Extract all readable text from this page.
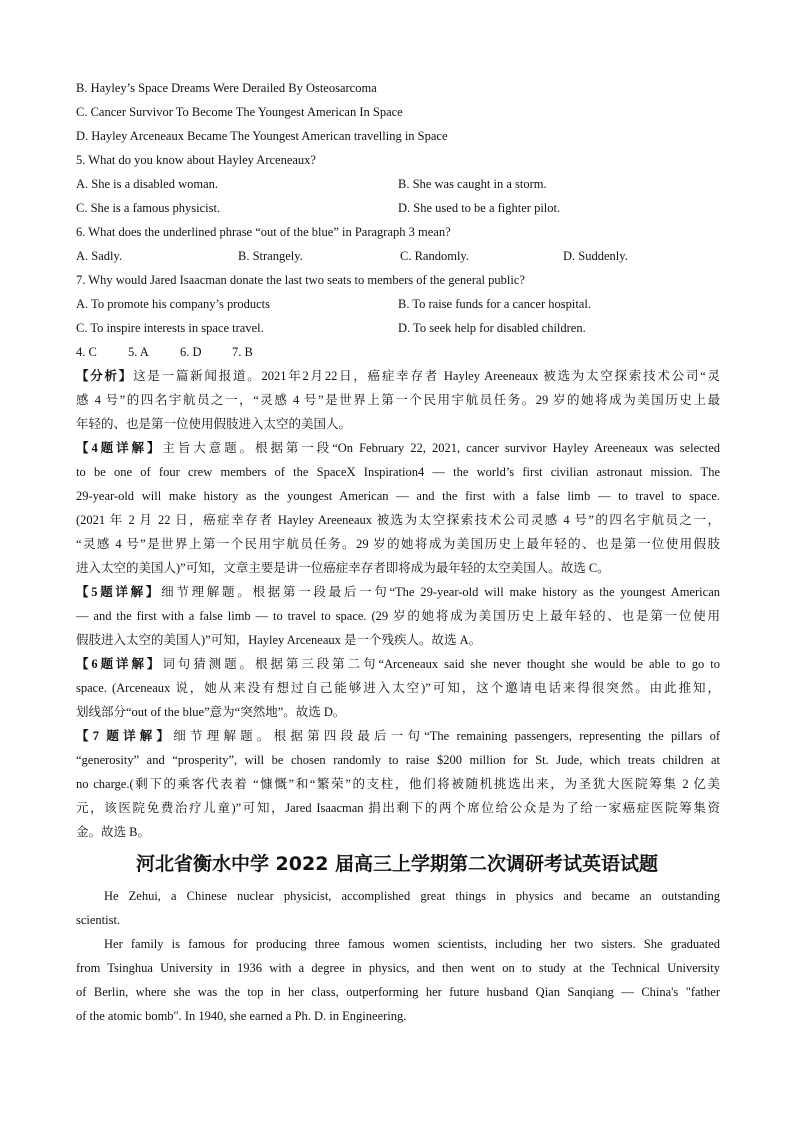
B. Hayley’s Space Dreams Were Derailed By Osteosarcoma
C. Cancer Survivor To Become The Youngest American In Space
D. Hayley Arceneaux Became The Youngest American travelling in Space
5. What do you know about Hayley Arceneaux?
A. She is a disabled woman.	B. She was caught in a storm.
C. She is a famous physicist.	D. She used to be a fighter pilot.
6. What does the underlined phrase “out of the blue” in Paragraph 3 mean?
A. Sadly.	B. Strangely.	C. Randomly.	D. Suddenly.
7. Why would Jared Isaacman donate the last two seats to members of the general public?
A. To promote his company’s products	B. To raise funds for a cancer hospital.
C. To inspire interests in space travel.	D. To seek help for disabled children.
4. C 5. A 6. D 7. B
【分析】这是一篇新闻报道。2021年2月22日，癌症幸存者 Hayley Areeneaux 被选为太空探索技术公司“灵
感 4 号”的四名宇航员之一，“灵感 4 号”是世界上第一个民用宇航员任务。29 岁的她将成为美国历史上最
年轻的、也是第一位使用假肢进入太空的美国人。
【4题详解】主旨大意题。根据第一段“On February 22, 2021, cancer survivor Hayley Areeneaux was selected
to be one of four crew members of the SpaceX Inspiration4 — the world’s first civilian astronaut mission. The
29-year-old will make history as the youngest American — and the first with a false limb — to travel to space.
(2021 年 2 月 22 日，癌症幸存者 Hayley Areeneaux 被选为太空探索技术公司灵感 4 号”的四名宇航员之一，
“灵感 4 号”是世界上第一个民用宇航员任务。29 岁的她将成为美国历史上最年轻的、也是第一位使用假肢
进入太空的美国人)”可知，文章主要是讲一位癌症幸存者即将成为最年轻的太空美国人。故选 C。
【5题详解】细节理解题。根据第一段最后一句“The 29-year-old will make history as the youngest American
— and the first with a false limb — to travel to space. (29 岁的她将成为美国历史上最年轻的、也是第一位使用
假肢进入太空的美国人)”可知，Hayley Arceneaux 是一个残疾人。故选 A。
【6题详解】词句猜测题。根据第三段第二句“Arceneaux said she never thought she would be able to go to
space. (Arceneaux 说，她从来没有想过自己能够进入太空)”可知，这个邀请电话来得很突然。由此推知，
划线部分“out of the blue”意为“突然地”。故选 D。
【7 题详解】细节理解题。根据第四段最后一句“The remaining passengers, representing the pillars of
“generosity” and “prosperity”, will be chosen randomly to raise $200 million for St. Jude, which treats children at
no charge.(剩下的乘客代表着 “慷慨”和“繁荣”的支柱，他们将被随机挑选出来，为圣犹大医院筹集 2 亿美
元，该医院免费治疗儿童)”可知，Jared Isaacman 捐出剩下的两个席位给公众是为了给一家癌症医院筹集资
金。故选 B。
河北省衡水中学 2022 届高三上学期第二次调研考试英语试题
He Zehui, a Chinese nuclear physicist, accomplished great things in physics and became an outstanding
scientist.
Her family is famous for producing three famous women scientists, including her two sisters. She graduated
from Tsinghua University in 1936 with a degree in physics, and then went on to study at the Technical University
of Berlin, where she was the top in her class, outperforming her future husband Qian Sanqiang — China's "father
of the atomic bomb". In 1940, she earned a Ph. D. in Engineering.
